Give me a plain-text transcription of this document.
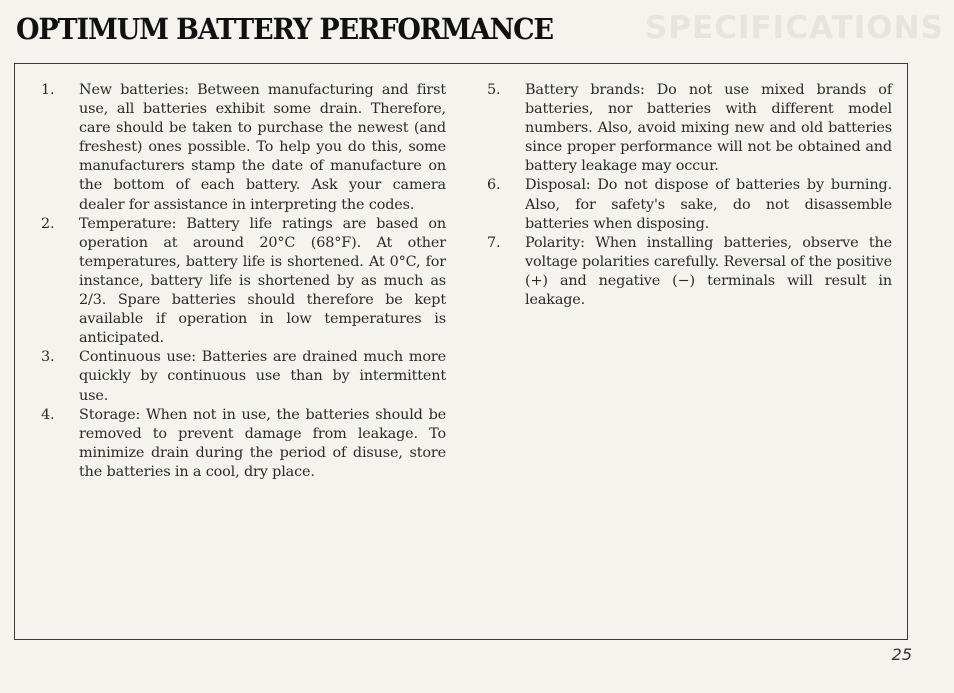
SPECIFICATIONS
OPTIMUM BATTERY PERFORMANCE
1. New batteries: Between manufacturing and first use, all batteries exhibit some drain. Therefore, care should be taken to purchase the newest (and freshest) ones possible. To help you do this, some manufacturers stamp the date of manufacture on the bottom of each battery. Ask your camera dealer for assistance in interpreting the codes.
2. Temperature: Battery life ratings are based on operation at around 20°C (68°F). At other temperatures, battery life is shortened. At 0°C, for instance, battery life is shortened by as much as 2/3. Spare batteries should therefore be kept available if operation in low temperatures is anticipated.
3. Continuous use: Batteries are drained much more quickly by continuous use than by intermittent use.
4. Storage: When not in use, the batteries should be removed to prevent damage from leakage. To minimize drain during the period of disuse, store the batteries in a cool, dry place.
5. Battery brands: Do not use mixed brands of batteries, nor batteries with different model numbers. Also, avoid mixing new and old batteries since proper performance will not be obtained and battery leakage may occur.
6. Disposal: Do not dispose of batteries by burning. Also, for safety's sake, do not disassemble batteries when disposing.
7. Polarity: When installing batteries, observe the voltage polarities carefully. Reversal of the positive (+) and negative (−) terminals will result in leakage.
25
